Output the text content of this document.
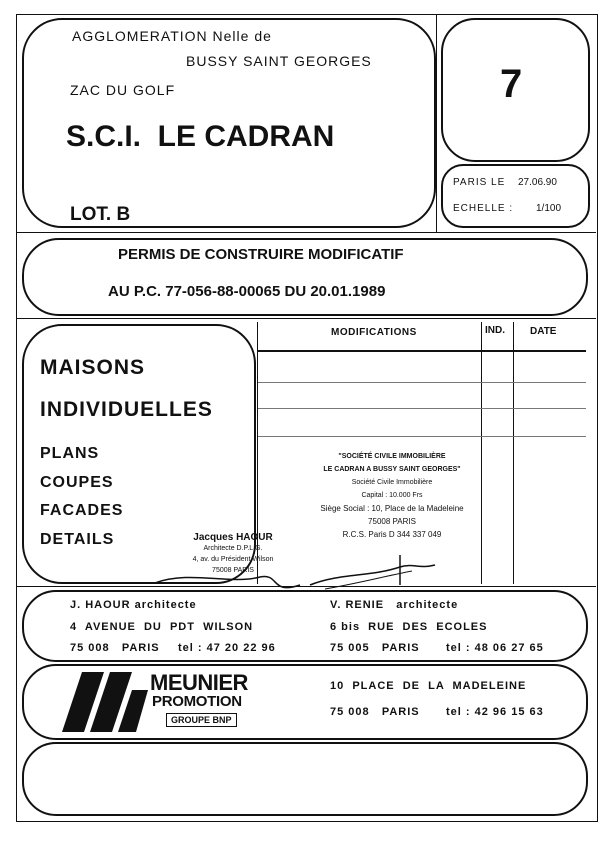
AGGLOMERATION Nelle de
BUSSY SAINT GEORGES
ZAC DU GOLF
S.C.I.  LE CADRAN
LOT. B
7
PARIS LE 27.06.90
ECHELLE : 1/100
PERMIS DE CONSTRUIRE MODIFICATIF
AU P.C. 77-056-88-00065 DU 20.01.1989
MAISONS
INDIVIDUELLES
PLANS
COUPES
FACADES
DETAILS
MODIFICATIONS	IND.	DATE
"SOCIÉTÉ CIVILE IMMOBILIÈRE
LE CADRAN A BUSSY SAINT GEORGES"
Société Civile Immobilière
Capital : 10.000 Frs
Siège Social : 10, Place de la Madeleine
75008 PARIS
R.C.S. Paris D 344 337 049
Jacques HAOUR
Architecte D.P.L.G.
4, av. du Président Wilson
75008 PARIS
J. HAOUR architecte
4  AVENUE  DU  PDT  WILSON
75 008   PARIS tel : 47 20 22 96
V. RENIE   architecte
6 bis  RUE  DES  ECOLES
75 005   PARIS tel : 48 06 27 65
MEUNIER
PROMOTION
GROUPE BNP
10  PLACE  DE  LA  MADELEINE
75 008   PARIS tel : 42 96 15 63
